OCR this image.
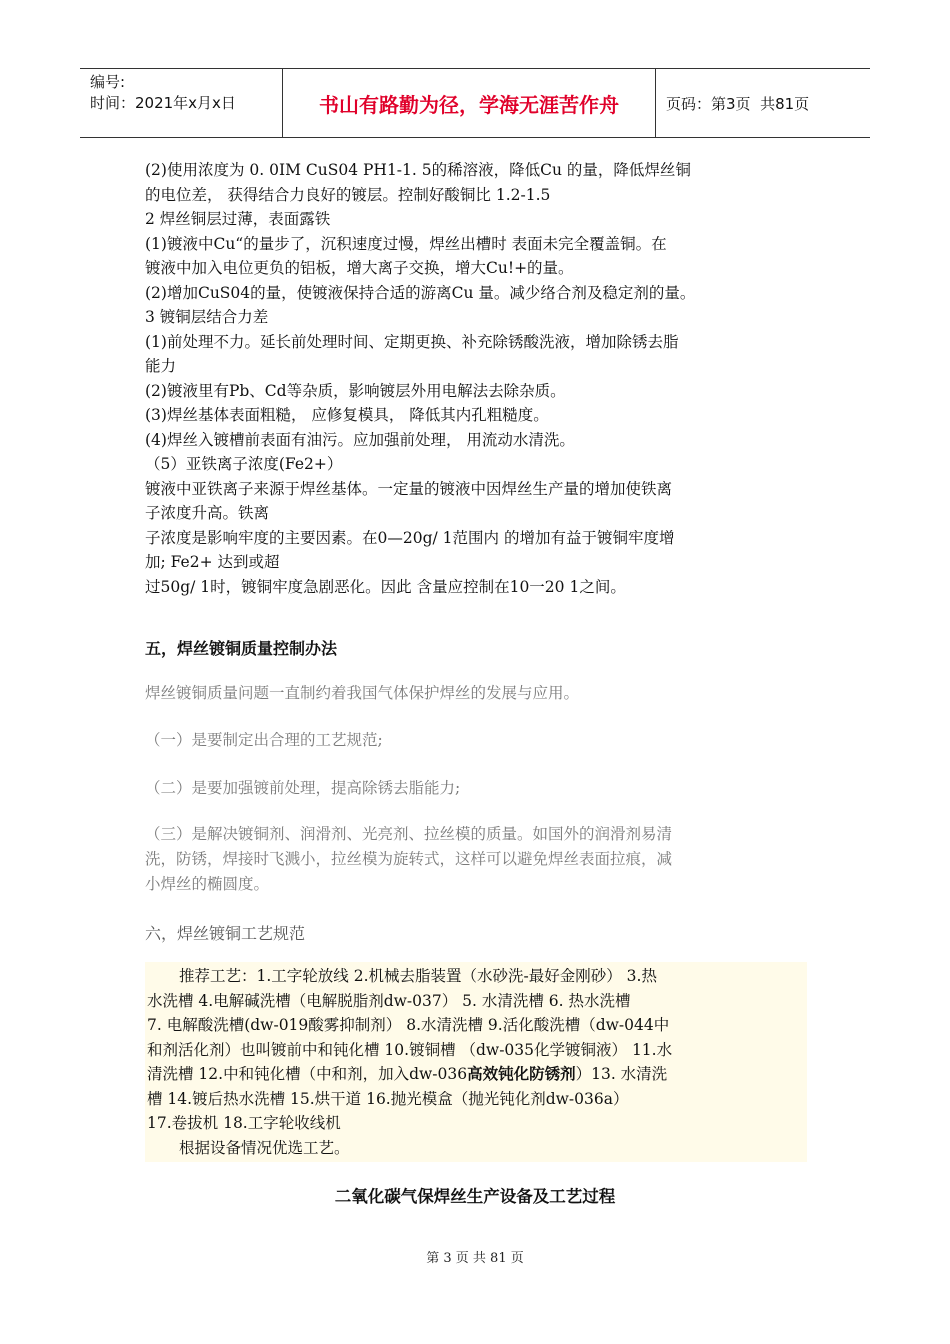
编号:
时间：2021年x月x日	书山有路勤为径，学海无涯苦作舟	页码：第3页  共81页

(2)使用浓度为 0. 0IM CuS04 PH1-1. 5的稀溶液，降低Cu 的量，降低焊丝铜

的电位差， 获得结合力良好的镀层。控制好酸铜比 1.2-1.5

2 焊丝铜层过薄，表面露铁

(1)镀液中Cu“的量步了，沉积速度过慢，焊丝出槽时 表面未完全覆盖铜。在

镀液中加入电位更负的铝板，增大离子交换，增大Cu!+的量。

(2)增加CuS04的量，使镀液保持合适的游离Cu 量。减少络合剂及稳定剂的量。

3 镀铜层结合力差

(1)前处理不力。延长前处理时间、定期更换、补充除锈酸洗液，增加除锈去脂

能力

(2)镀液里有Pb、Cd等杂质，影响镀层外用电解法去除杂质。

(3)焊丝基体表面粗糙， 应修复模具， 降低其内孔粗糙度。

(4)焊丝入镀槽前表面有油污。应加强前处理， 用流动水清洗。

（5）亚铁离子浓度(Fe2+）

镀液中亚铁离子来源于焊丝基体。一定量的镀液中因焊丝生产量的增加使铁离

子浓度升高。铁离

子浓度是影响牢度的主要因素。在0—20g/ 1范围内 的增加有益于镀铜牢度增

加; Fe2+ 达到或超

过50g/ 1时，镀铜牢度急剧恶化。因此 含量应控制在10一20 1之间。

五，焊丝镀铜质量控制办法
焊丝镀铜质量问题一直制约着我国气体保护焊丝的发展与应用。
（一）是要制定出合理的工艺规范;
（二）是要加强镀前处理，提高除锈去脂能力;

（三）是解决镀铜剂、润滑剂、光亮剂、拉丝模的质量。如国外的润滑剂易清

洗，防锈，焊接时飞溅小，拉丝模为旋转式，这样可以避免焊丝表面拉痕，减

小焊丝的椭圆度。

六，焊丝镀铜工艺规范

推荐工艺：1.工字轮放线 2.机械去脂装置（水砂洗-最好金刚砂） 3.热

水洗槽 4.电解碱洗槽（电解脱脂剂dw-037） 5. 水清洗槽 6. 热水洗槽

7. 电解酸洗槽(dw-019酸雾抑制剂） 8.水清洗槽 9.活化酸洗槽（dw-044中

和剂活化剂）也叫镀前中和钝化槽 10.镀铜槽 （dw-035化学镀铜液） 11.水

清洗槽 12.中和钝化槽（中和剂，加入dw-036高效钝化防锈剂）13. 水清洗

槽 14.镀后热水洗槽 15.烘干道 16.抛光模盒（抛光钝化剂dw-036a）

17.卷拔机 18.工字轮收线机

根据设备情况优选工艺。

二氧化碳气保焊丝生产设备及工艺过程
第 3 页 共 81 页
